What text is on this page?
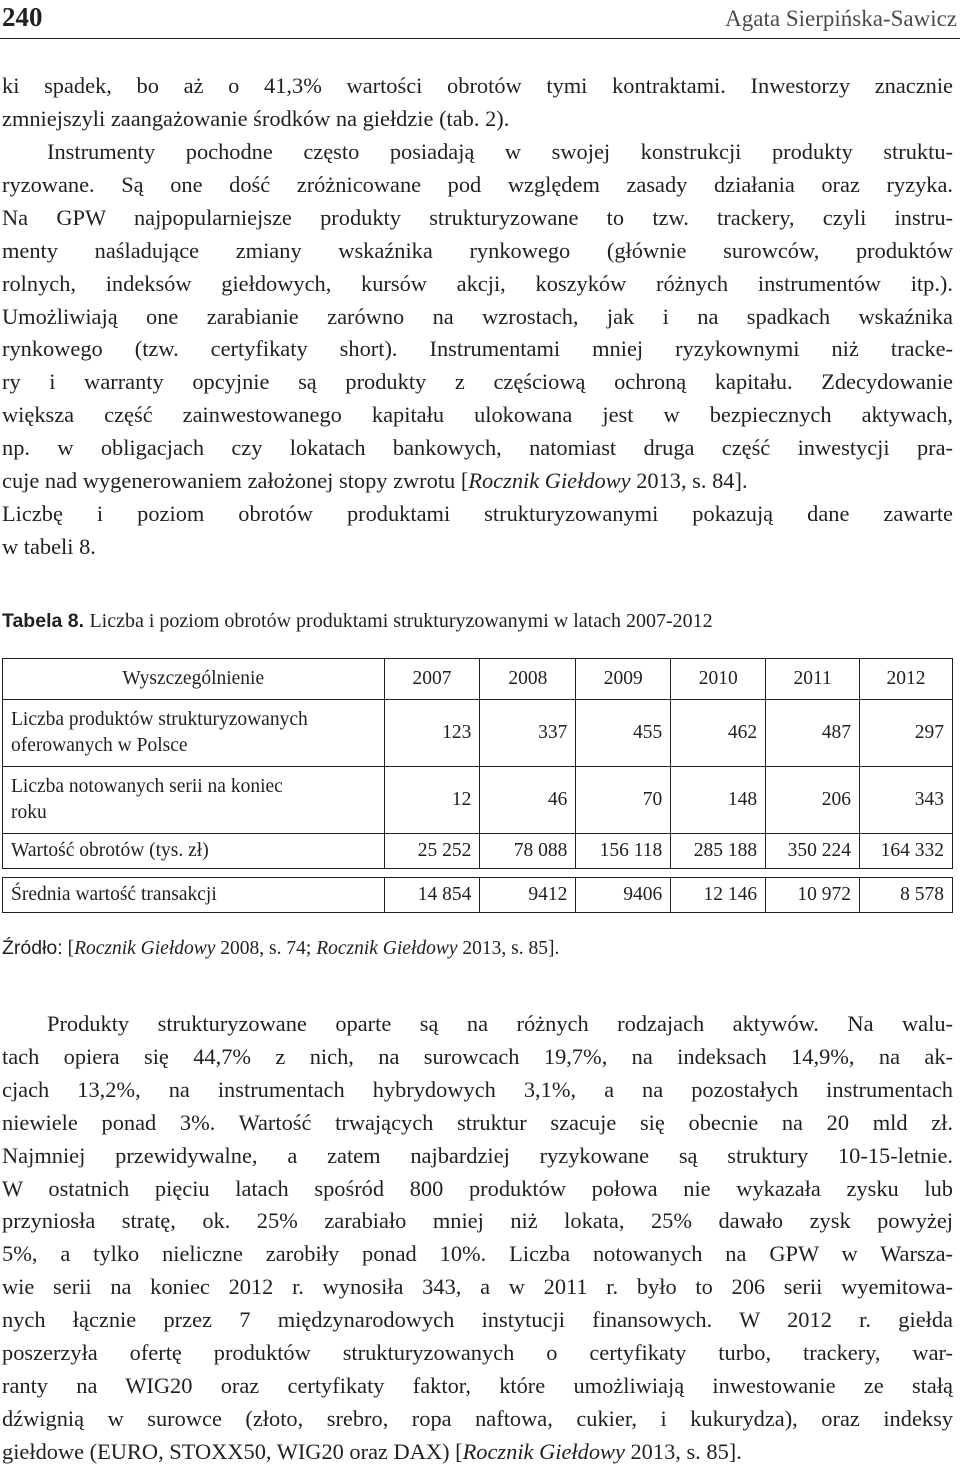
240	Agata Sierpińska-Sawicz
ki spadek, bo aż o 41,3% wartości obrotów tymi kontraktami. Inwestorzy znacznie
zmniejszyli zaangażowanie środków na giełdzie (tab. 2).
Instrumenty pochodne często posiadają w swojej konstrukcji produkty struktu-
ryzowane. Są one dość zróżnicowane pod względem zasady działania oraz ryzyka.
Na GPW najpopularniejsze produkty strukturyzowane to tzw. trackery, czyli instru-
menty naśladujące zmiany wskaźnika rynkowego (głównie surowców, produktów
rolnych, indeksów giełdowych, kursów akcji, koszyków różnych instrumentów itp.).
Umożliwiają one zarabianie zarówno na wzrostach, jak i na spadkach wskaźnika
rynkowego (tzw. certyfikaty short). Instrumentami mniej ryzykownymi niż tracke-
ry i warranty opcyjnie są produkty z częściową ochroną kapitału. Zdecydowanie
większa część zainwestowanego kapitału ulokowana jest w bezpiecznych aktywach,
np. w obligacjach czy lokatach bankowych, natomiast druga część inwestycji pra-
cuje nad wygenerowaniem założonej stopy zwrotu [Rocznik Giełdowy 2013, s. 84].
Liczbę i poziom obrotów produktami strukturyzowanymi pokazują dane zawarte
w tabeli 8.
Tabela 8. Liczba i poziom obrotów produktami strukturyzowanymi w latach 2007-2012
Wyszczególnienie	2007	2008	2009	2010	2011	2012
Liczba produktów strukturyzowanych
oferowanych w Polsce	123	337	455	462	487	297
Liczba notowanych serii na koniec
roku	12	46	70	148	206	343
Wartość obrotów (tys. zł)	25 252	78 088	156 118	285 188	350 224	164 332

Średnia wartość transakcji	14 854	9412	9406	12 146	10 972	8 578
Źródło: [Rocznik Giełdowy 2008, s. 74; Rocznik Giełdowy 2013, s. 85].
Produkty strukturyzowane oparte są na różnych rodzajach aktywów. Na walu-
tach opiera się 44,7% z nich, na surowcach 19,7%, na indeksach 14,9%, na ak-
cjach 13,2%, na instrumentach hybrydowych 3,1%, a na pozostałych instrumentach
niewiele ponad 3%. Wartość trwających struktur szacuje się obecnie na 20 mld zł.
Najmniej przewidywalne, a zatem najbardziej ryzykowane są struktury 10-15-letnie.
W ostatnich pięciu latach spośród 800 produktów połowa nie wykazała zysku lub
przyniosła stratę, ok. 25% zarabiało mniej niż lokata, 25% dawało zysk powyżej
5%, a tylko nieliczne zarobiły ponad 10%. Liczba notowanych na GPW w Warsza-
wie serii na koniec 2012 r. wynosiła 343, a w 2011 r. było to 206 serii wyemitowa-
nych łącznie przez 7 międzynarodowych instytucji finansowych. W 2012 r. giełda
poszerzyła ofertę produktów strukturyzowanych o certyfikaty turbo, trackery, war-
ranty na WIG20 oraz certyfikaty faktor, które umożliwiają inwestowanie ze stałą
dźwignią w surowce (złoto, srebro, ropa naftowa, cukier, i kukurydza), oraz indeksy
giełdowe (EURO, STOXX50, WIG20 oraz DAX) [Rocznik Giełdowy 2013, s. 85].
